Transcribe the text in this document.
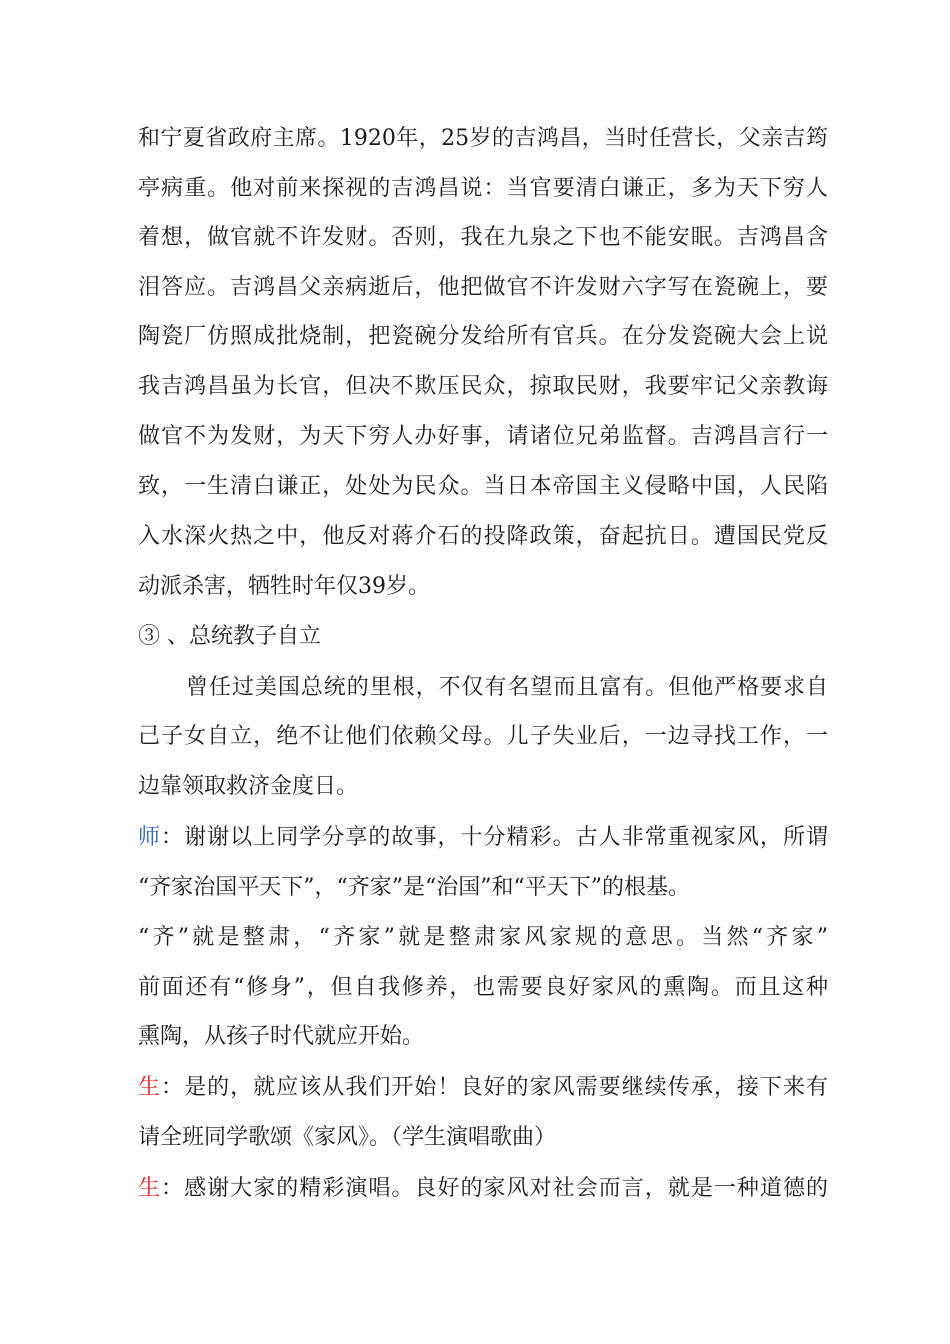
和宁夏省政府主席。1920年，25岁的吉鸿昌，当时任营长，父亲吉筠
亭病重。他对前来探视的吉鸿昌说：当官要清白谦正，多为天下穷人
着想，做官就不许发财。否则，我在九泉之下也不能安眠。吉鸿昌含
泪答应。吉鸿昌父亲病逝后，他把做官不许发财六字写在瓷碗上，要
陶瓷厂仿照成批烧制，把瓷碗分发给所有官兵。在分发瓷碗大会上说
我吉鸿昌虽为长官，但决不欺压民众，掠取民财，我要牢记父亲教诲
做官不为发财，为天下穷人办好事，请诸位兄弟监督。吉鸿昌言行一
致，一生清白谦正，处处为民众。当日本帝国主义侵略中国，人民陷
入水深火热之中，他反对蒋介石的投降政策，奋起抗日。遭国民党反
动派杀害，牺牲时年仅39岁。
③ 、总统教子自立
曾任过美国总统的里根，不仅有名望而且富有。但他严格要求自
己子女自立，绝不让他们依赖父母。儿子失业后，一边寻找工作，一
边靠领取救济金度日。
师：谢谢以上同学分享的故事，十分精彩。古人非常重视家风，所谓
“齐家治国平天下”，“齐家”是“治国”和“平天下”的根基。
“齐”就是整肃，“齐家”就是整肃家风家规的意思。当然“齐家”
前面还有“修身”，但自我修养，也需要良好家风的熏陶。而且这种
熏陶，从孩子时代就应开始。
生：是的，就应该从我们开始！良好的家风需要继续传承，接下来有
请全班同学歌颂《家风》。（学生演唱歌曲）
生：感谢大家的精彩演唱。良好的家风对社会而言，就是一种道德的
